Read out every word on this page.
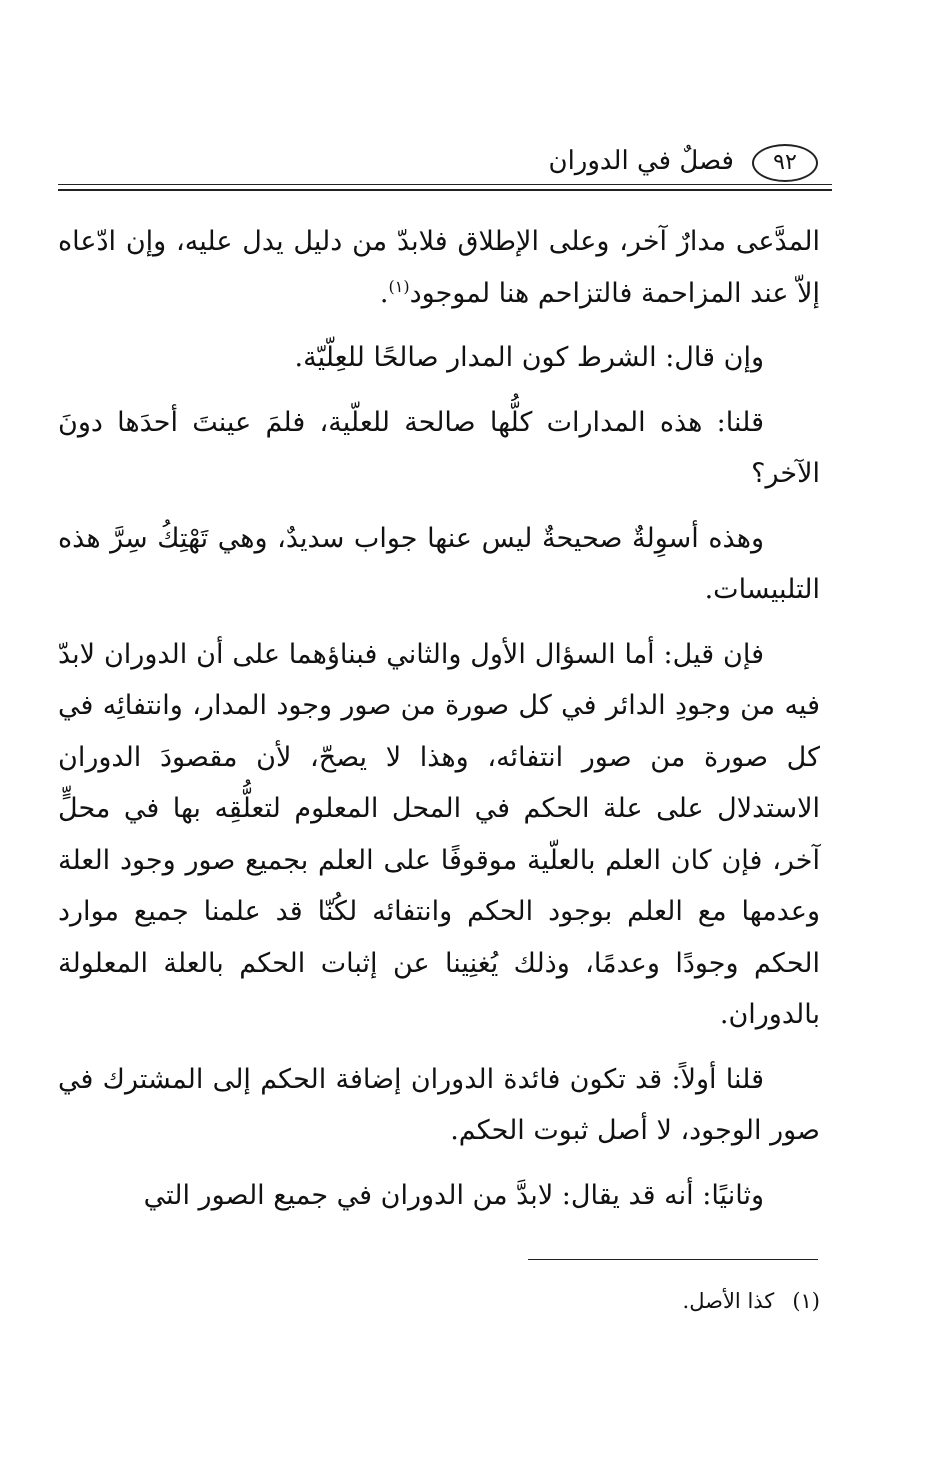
٩٢
فصلٌ في الدوران

المدَّعى مدارٌ آخر، وعلى الإطلاق فلابدّ من دليل يدل عليه، وإن ادّعاه إلاّ عند المزاحمة فالتزاحم هنا لموجود$^{(١)}$.

وإن قال: الشرط كون المدار صالحًا للعِلّيّة.

قلنا: هذه المدارات كلُّها صالحة للعلّية، فلمَ عينتَ أحدَها دونَ الآخر؟

وهذه أسوِلةٌ صحيحةٌ ليس عنها جواب سديدٌ، وهي تَهْتِكُ سِرَّ هذه التلبيسات.

فإن قيل: أما السؤال الأول والثاني فبناؤهما على أن الدوران لابدّ فيه من وجودِ الدائر في كل صورة من صور وجود المدار، وانتفائِه في كل صورة من صور انتفائه، وهذا لا يصحّ، لأن مقصودَ الدوران الاستدلال على علة الحكم في المحل المعلوم لتعلُّقِه بها في محلٍّ آخر، فإن كان العلم بالعلّية موقوفًا على العلم بجميع صور وجود العلة وعدمها مع العلم بوجود الحكم وانتفائه لكُنّا قد علمنا جميع موارد الحكم وجودًا وعدمًا، وذلك يُغنِينا عن إثبات الحكم بالعلة المعلولة بالدوران.

قلنا أولاً: قد تكون فائدة الدوران إضافة الحكم إلى المشترك في صور الوجود، لا أصل ثبوت الحكم.

وثانيًا: أنه قد يقال: لابدَّ من الدوران في جميع الصور التي

(١)كذا الأصل.
